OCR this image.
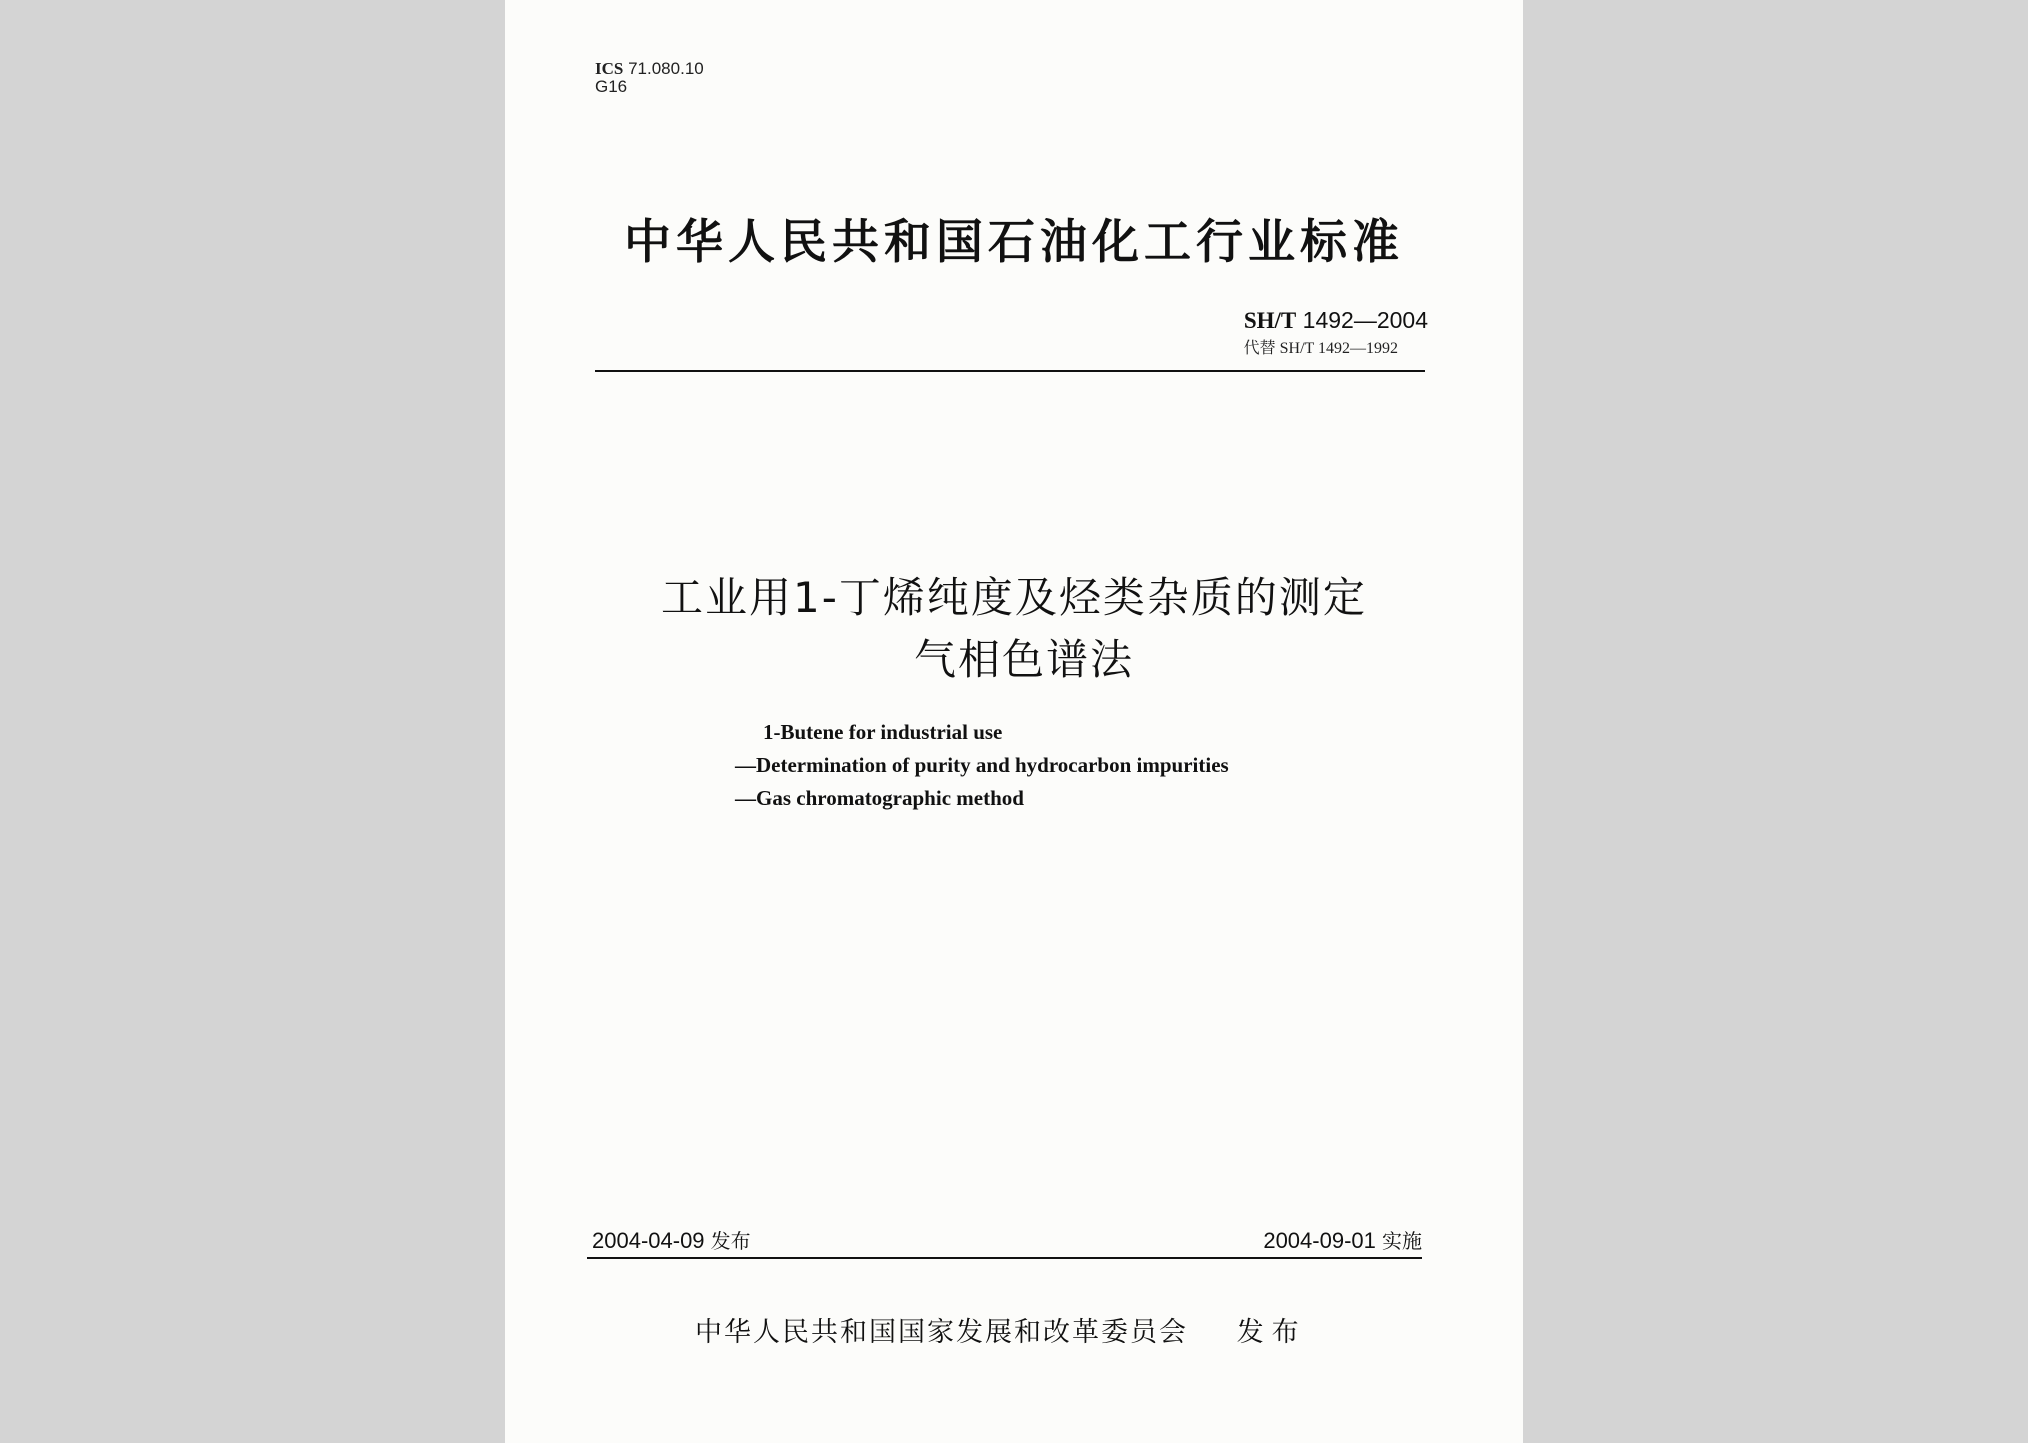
ICS 71.080.10
G16
中华人民共和国石油化工行业标准
SH/T 1492—2004
代替 SH/T 1492—1992
工业用1-丁烯纯度及烃类杂质的测定
气相色谱法
1-Butene for industrial use
—Determination of purity and hydrocarbon impurities
—Gas chromatographic method
2004-04-09 发布	2004-09-01 实施
中华人民共和国国家发展和改革委员会 发布
